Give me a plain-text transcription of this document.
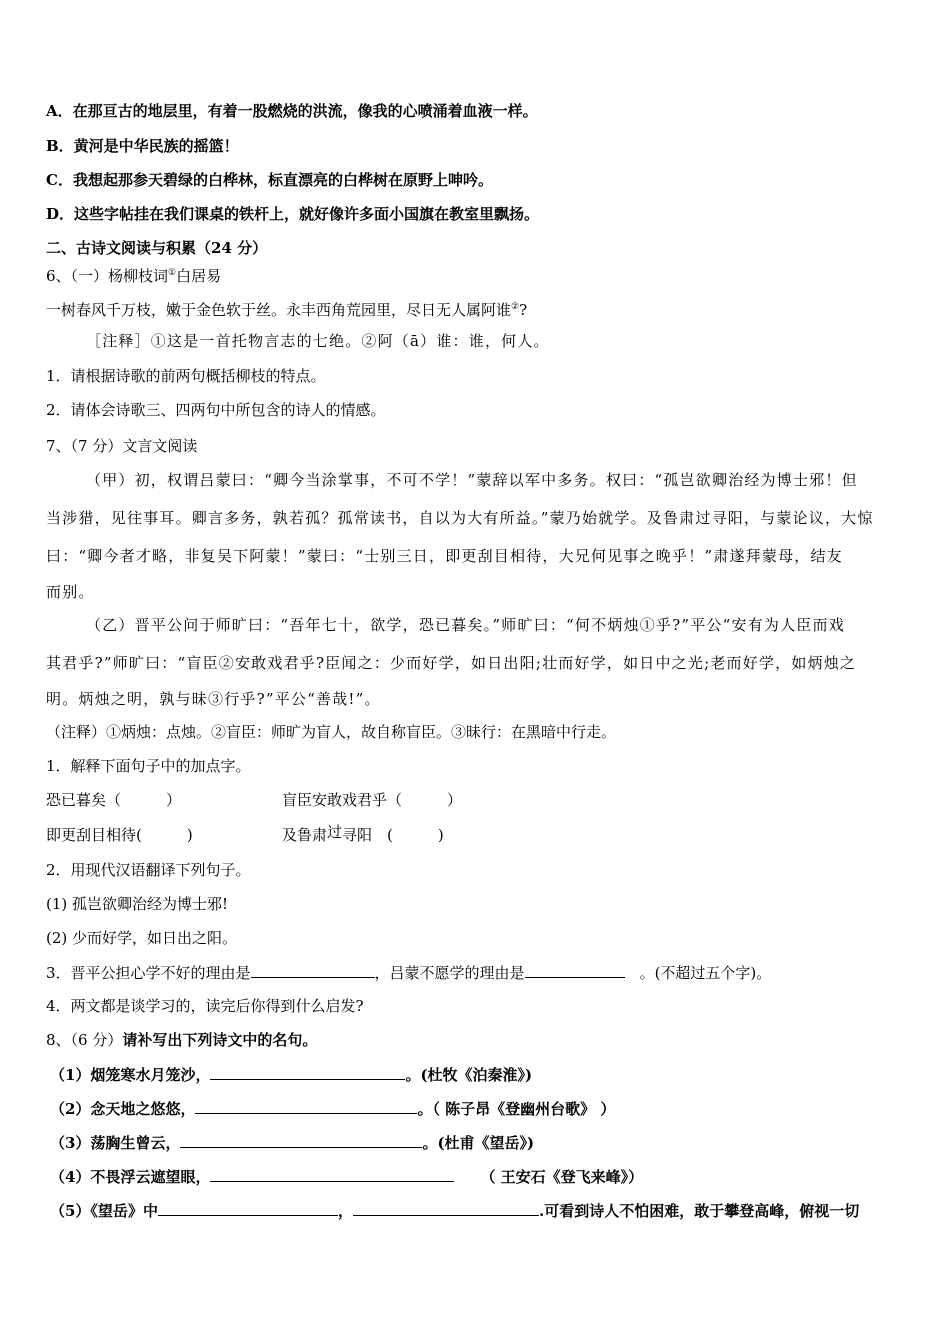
A．在那亘古的地层里，有着一股燃烧的洪流，像我的心喷涌着血液一样。
B．黄河是中华民族的摇篮！
C．我想起那参天碧绿的白桦林，标直漂亮的白桦树在原野上呻吟。
D．这些字帖挂在我们课桌的铁杆上，就好像许多面小国旗在教室里飘扬。
二、古诗文阅读与积累（24 分）
6、（一）杨柳枝词①白居易
一树春风千万枝，嫩于金色软于丝。永丰西角荒园里，尽日无人属阿谁②?
［注释］①这是一首托物言志的七绝。②阿（ā）谁：谁，何人。
1．请根据诗歌的前两句概括柳枝的特点。
2．请体会诗歌三、四两句中所包含的诗人的情感。
7、（7 分）文言文阅读
（甲）初，权谓吕蒙曰：“卿今当涂掌事，不可不学！”蒙辞以军中多务。权曰：“孤岂欲卿治经为博士邪！但
当涉猎，见往事耳。卿言多务，孰若孤？孤常读书，自以为大有所益。”蒙乃始就学。及鲁肃过寻阳，与蒙论议，大惊
曰：“卿今者才略，非复吴下阿蒙！”蒙曰：“士别三日，即更刮目相待，大兄何见事之晚乎！”肃遂拜蒙母，结友
而别。
（乙）晋平公问于师旷曰：“吾年七十，欲学，恐已暮矣。”师旷曰：“何不炳烛①乎?”平公“安有为人臣而戏
其君乎?”师旷曰：“盲臣②安敢戏君乎?臣闻之：少而好学，如日出阳;壮而好学，如日中之光;老而好学，如炳烛之
明。炳烛之明，孰与昧③行乎?”平公“善哉!”。
（注释）①炳烛：点烛。②盲臣：师旷为盲人，故自称盲臣。③昧行：在黑暗中行走。
1．解释下面句子中的加点字。
恐已暮矣（　　　）	盲臣安敢戏君乎（　　　）
即更刮目相待(　　　)	及鲁肃过寻阳　(　　　)
2．用现代汉语翻译下列句子。
(1) 孤岂欲卿治经为博士邪!
(2) 少而好学，如日出之阳。
3．晋平公担心学不好的理由是	，吕蒙不愿学的理由是	　。(不超过五个字)。
4．两文都是谈学习的，读完后你得到什么启发?
8、（6 分）请补写出下列诗文中的名句。
（1）烟笼寒水月笼沙，	。(杜牧《泊秦淮》)
（2）念天地之悠悠，	。（ 陈子昂《登幽州台歌》 ）
（3）荡胸生曾云，	。(杜甫《望岳》)
（4）不畏浮云遮望眼，	（ 王安石《登飞来峰》）
（5）《望岳》中	，	.可看到诗人不怕困难，敢于攀登高峰，俯视一切
